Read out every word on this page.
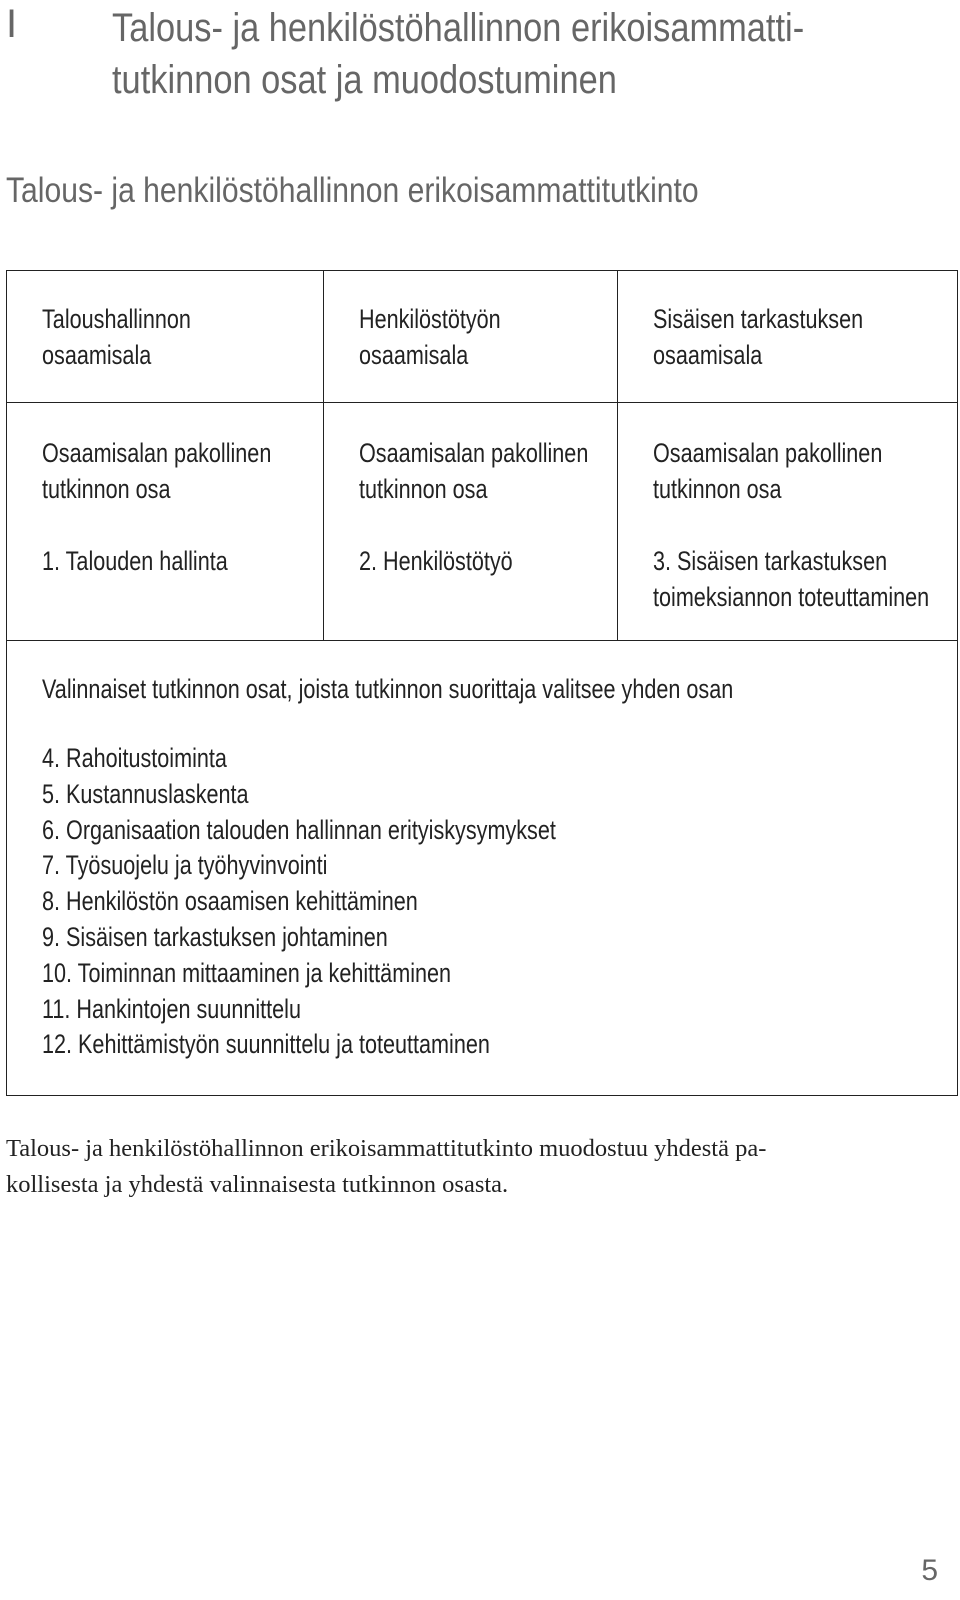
I Talous- ja henkilöstöhallinnon erikoisammatti-
tutkinnon osat ja muodostuminen
Talous- ja henkilöstöhallinnon erikoisammattitutkinto
Taloushallinnon
osaamisala
Henkilöstötyön
osaamisala
Sisäisen tarkastuksen
osaamisala
Osaamisalan pakollinen
tutkinnon osa
1. Talouden hallinta
Osaamisalan pakollinen
tutkinnon osa
2. Henkilöstötyö
Osaamisalan pakollinen
tutkinnon osa
3. Sisäisen tarkastuksen
toimeksiannon toteuttaminen
Valinnaiset tutkinnon osat, joista tutkinnon suorittaja valitsee yhden osan
4. Rahoitustoiminta
5. Kustannuslaskenta
6. Organisaation talouden hallinnan erityiskysymykset
7. Työsuojelu ja työhyvinvointi
8. Henkilöstön osaamisen kehittäminen
9. Sisäisen tarkastuksen johtaminen
10. Toiminnan mittaaminen ja kehittäminen
11. Hankintojen suunnittelu
12. Kehittämistyön suunnittelu ja toteuttaminen
Talous- ja henkilöstöhallinnon erikoisammattitutkinto muodostuu yhdestä pa-
kollisesta ja yhdestä valinnaisesta tutkinnon osasta.
5
